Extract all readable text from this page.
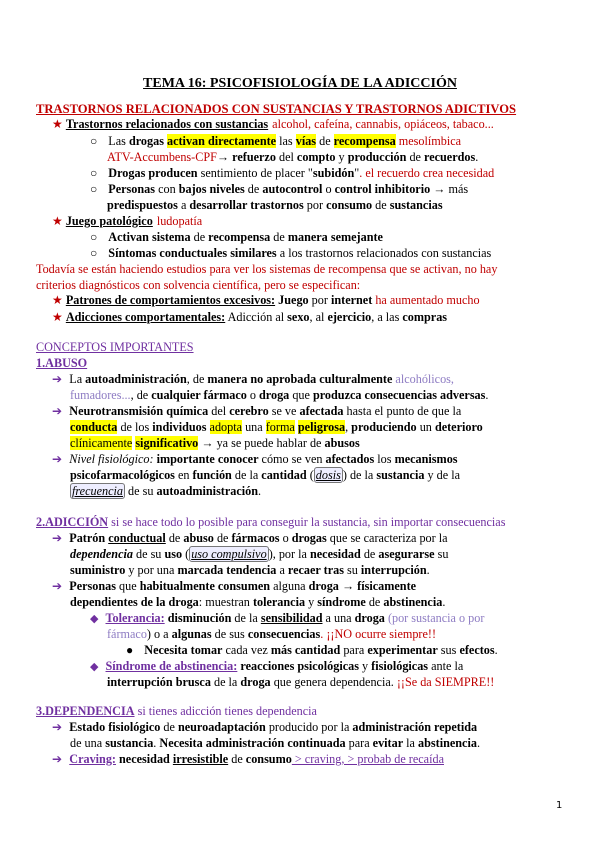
TEMA 16: PSICOFISIOLOGÍA DE LA ADICCIÓN
TRASTORNOS RELACIONADOS CON SUSTANCIAS Y TRASTORNOS ADICTIVOS
★ Trastornos relacionados con sustancias alcohol, cafeína, cannabis, opiáceos, tabaco...
○ Las drogas activan directamente las vías de recompensa mesolímbica
ATV-Accumbens-CPF→ refuerzo del compto y producción de recuerdos.
○ Drogas producen sentimiento de placer "subidón". el recuerdo crea necesidad
○ Personas con bajos niveles de autocontrol o control inhibitorio → más
predispuestos a desarrollar trastornos por consumo de sustancias
★ Juego patológico ludopatía
○ Activan sistema de recompensa de manera semejante
○ Síntomas conductuales similares a los trastornos relacionados con sustancias
Todavía se están haciendo estudios para ver los sistemas de recompensa que se activan, no hay
criterios diagnósticos con solvencia científica, pero se especifican:
★ Patrones de comportamientos excesivos: Juego por internet ha aumentado mucho
★ Adicciones comportamentales: Adicción al sexo, al ejercicio, a las compras
CONCEPTOS IMPORTANTES
1.ABUSO
➔ La autoadministración, de manera no aprobada culturalmente alcohólicos,
fumadores..., de cualquier fármaco o droga que produzca consecuencias adversas.
➔ Neurotransmisión química del cerebro se ve afectada hasta el punto de que la
conducta de los individuos adopta una forma peligrosa, produciendo un deterioro
clínicamente significativo → ya se puede hablar de abusos
➔ Nivel fisiológico: importante conocer cómo se ven afectados los mecanismos
psicofarmacológicos en función de la cantidad ( dosis ) de la sustancia y de la
frecuencia de su autoadministración.
2.ADICCIÓN si se hace todo lo posible para conseguir la sustancia, sin importar consecuencias
➔ Patrón conductual de abuso de fármacos o drogas que se caracteriza por la
dependencia de su uso ( uso compulsivo ), por la necesidad de asegurarse su
suministro y por una marcada tendencia a recaer tras su interrupción.
➔ Personas que habitualmente consumen alguna droga → físicamente
dependientes de la droga: muestran tolerancia y síndrome de abstinencia.
◆ Tolerancia: disminución de la sensibilidad a una droga (por sustancia o por
fármaco) o a algunas de sus consecuencias. ¡¡NO ocurre siempre!!
● Necesita tomar cada vez más cantidad para experimentar sus efectos.
◆ Síndrome de abstinencia: reacciones psicológicas y fisiológicas ante la
interrupción brusca de la droga que genera dependencia. ¡¡Se da SIEMPRE!!
3.DEPENDENCIA si tienes adicción tienes dependencia
➔ Estado fisiológico de neuroadaptación producido por la administración repetida
de una sustancia. Necesita administración continuada para evitar la abstinencia.
➔ Craving: necesidad irresistible de consumo > craving, > probab de recaída
1
